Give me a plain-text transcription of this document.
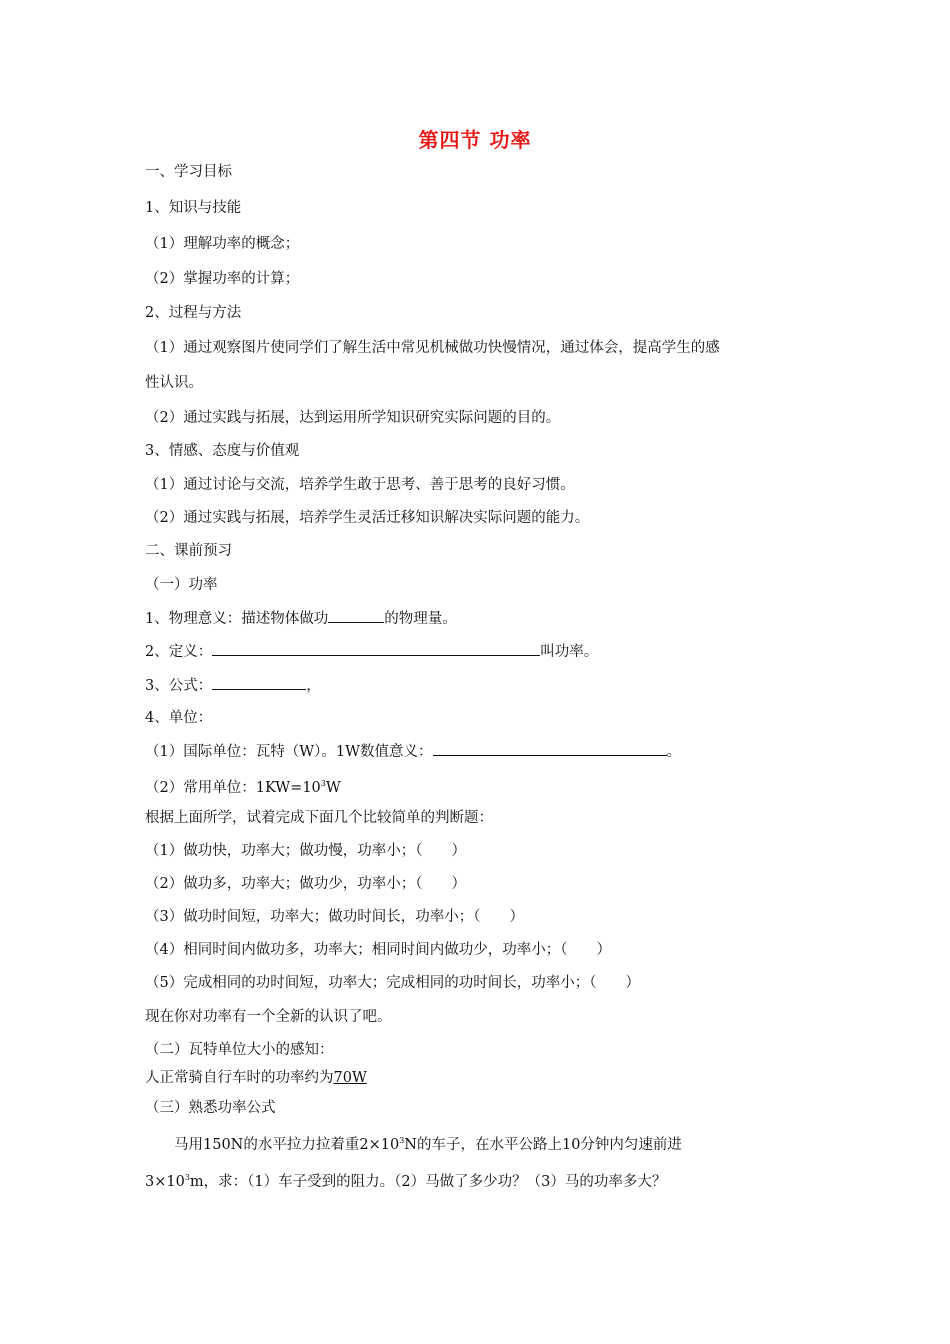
第四节 功率
一、学习目标
1、知识与技能
（1）理解功率的概念；
（2）掌握功率的计算；
2、过程与方法
（1）通过观察图片使同学们了解生活中常见机械做功快慢情况，通过体会，提高学生的感
性认识。
（2）通过实践与拓展，达到运用所学知识研究实际问题的目的。
3、情感、态度与价值观
（1）通过讨论与交流，培养学生敢于思考、善于思考的良好习惯。
（2）通过实践与拓展，培养学生灵活迁移知识解决实际问题的能力。
二、课前预习
（一）功率
1、物理意义：描述物体做功	的物理量。
2、定义：	叫功率。
3、公式：	，
4、单位：
（1）国际单位：瓦特（W）。1W数值意义：	。
（2）常用单位：$1KW=10^3W$
根据上面所学，试着完成下面几个比较简单的判断题：
（1）做功快，功率大；做功慢，功率小；（　　）
（2）做功多，功率大；做功少，功率小；（　　）
（3）做功时间短，功率大；做功时间长，功率小；（　　）
（4）相同时间内做功多，功率大；相同时间内做功少，功率小；（　　）
（5）完成相同的功时间短，功率大；完成相同的功时间长，功率小；（　　）
现在你对功率有一个全新的认识了吧。
（二）瓦特单位大小的感知：
人正常骑自行车时的功率约为70W
（三）熟悉功率公式
马用150N的水平拉力拉着重$2\times 10^3N$的车子，在水平公路上10分钟内匀速前进
$3\times 10^3m$，求：（1）车子受到的阻力。（2）马做了多少功？（3）马的功率多大？
